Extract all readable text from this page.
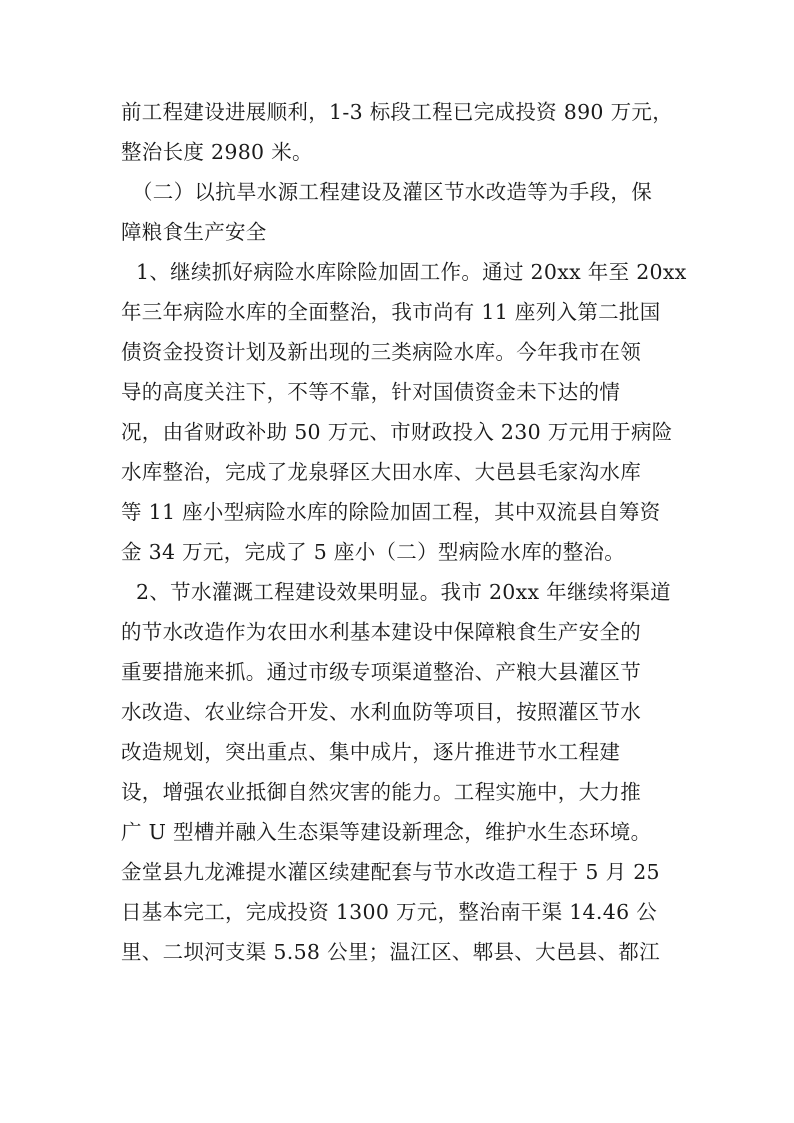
前工程建设进展顺利，1-3 标段工程已完成投资 890 万元，
整治长度 2980 米。
（二）以抗旱水源工程建设及灌区节水改造等为手段，保
障粮食生产安全
1、继续抓好病险水库除险加固工作。通过 20xx 年至 20xx
年三年病险水库的全面整治，我市尚有 11 座列入第二批国
债资金投资计划及新出现的三类病险水库。今年我市在领
导的高度关注下，不等不靠，针对国债资金未下达的情
况，由省财政补助 50 万元、市财政投入 230 万元用于病险
水库整治，完成了龙泉驿区大田水库、大邑县毛家沟水库
等 11 座小型病险水库的除险加固工程，其中双流县自筹资
金 34 万元，完成了 5 座小（二）型病险水库的整治。
2、节水灌溉工程建设效果明显。我市 20xx 年继续将渠道
的节水改造作为农田水利基本建设中保障粮食生产安全的
重要措施来抓。通过市级专项渠道整治、产粮大县灌区节
水改造、农业综合开发、水利血防等项目，按照灌区节水
改造规划，突出重点、集中成片，逐片推进节水工程建
设，增强农业抵御自然灾害的能力。工程实施中，大力推
广 U 型槽并融入生态渠等建设新理念，维护水生态环境。
金堂县九龙滩提水灌区续建配套与节水改造工程于 5 月 25
日基本完工，完成投资 1300 万元，整治南干渠 14.46 公
里、二坝河支渠 5.58 公里；温江区、郫县、大邑县、都江
